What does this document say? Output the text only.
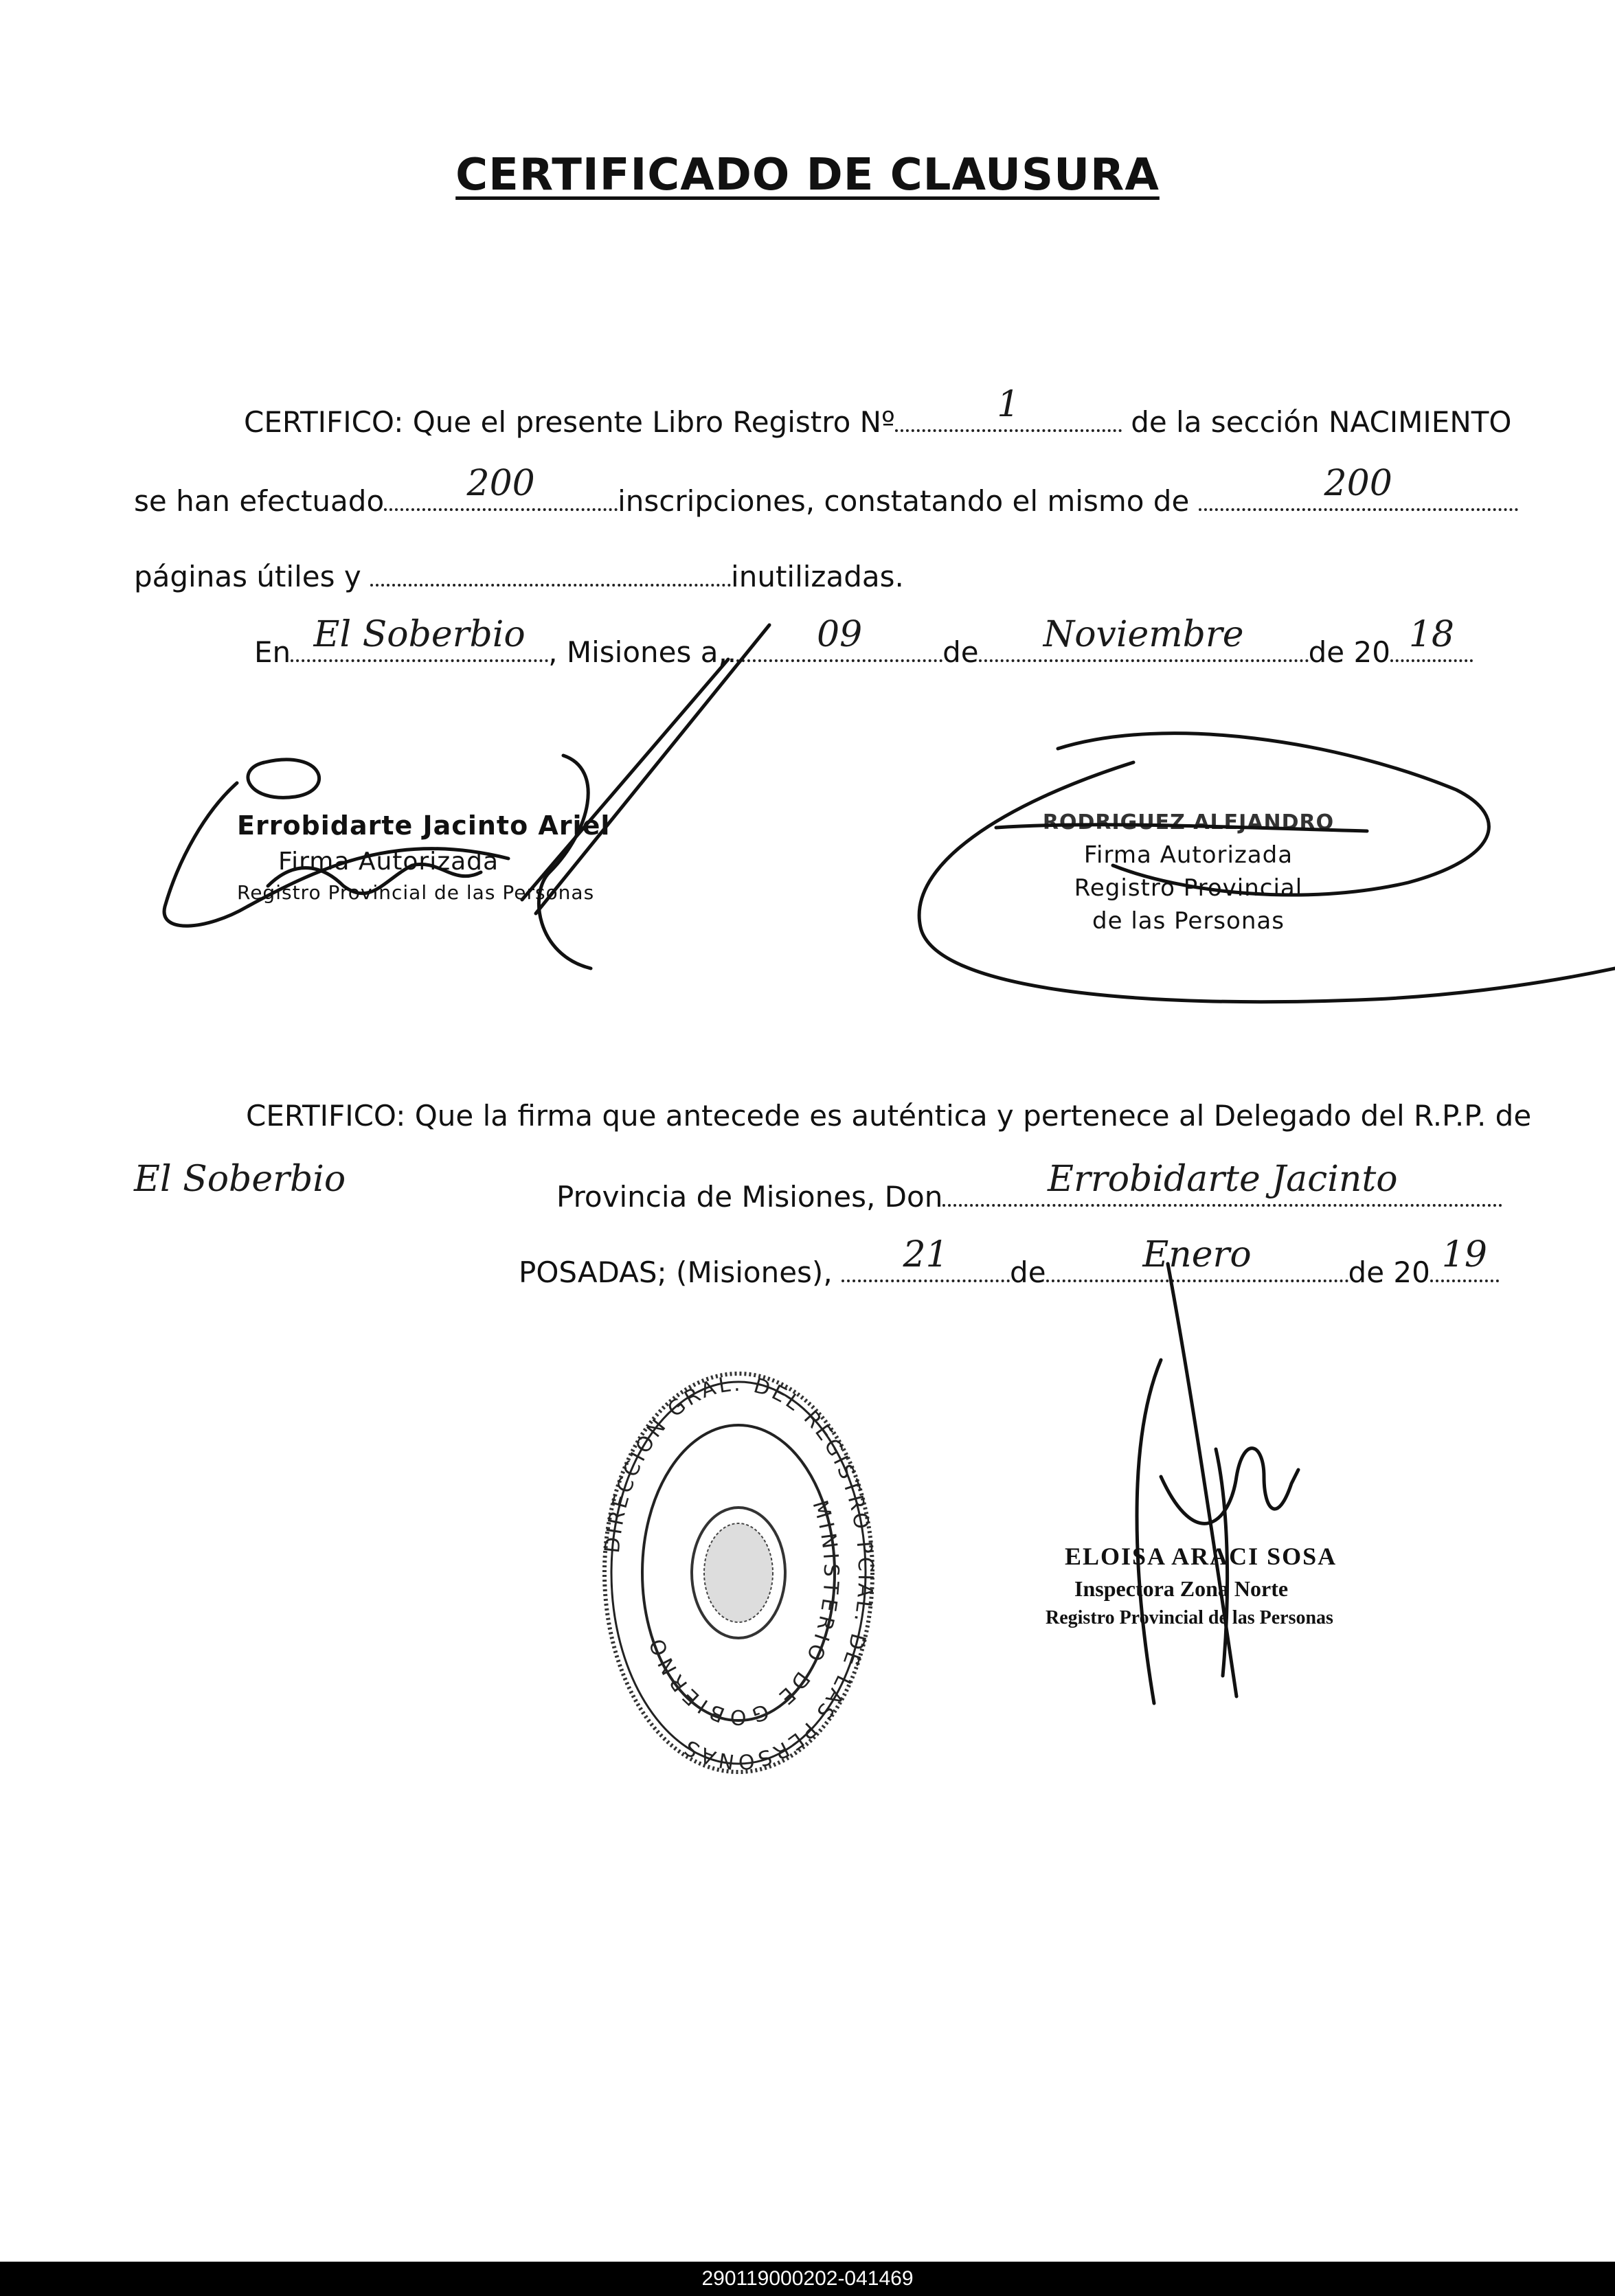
CERTIFICADO DE CLAUSURA
CERTIFICO: Que el presente Libro Registro Nº	1	de la sección NACIMIENTO
se han efectuado	200	inscripciones, constatando el mismo de	200
páginas útiles y	inutilizadas.
En El Soberbio , Misiones a,.	09	de	Noviembre	de 20 18
Errobidarte Jacinto Ariel
Firma Autorizada
Registro Provincial de las Personas
RODRIGUEZ ALEJANDRO
Firma Autorizada
Registro Provincial
de las Personas
CERTIFICO: Que la firma que antecede es auténtica y pertenece al Delegado del R.P.P. de
El Soberbio	Provincia de Misiones, Don	Errobidarte Jacinto
POSADAS; (Misiones),	21	de	Enero	de 20 19
ELOISA ARACI SOSA
Inspectora Zona Norte
Registro Provincial de las Personas
DIRECCION GRAL. DEL REGISTRO PCIAL. DE LAS PERSONAS
MINISTERIO DE GOBIERNO
290119000202-041469
